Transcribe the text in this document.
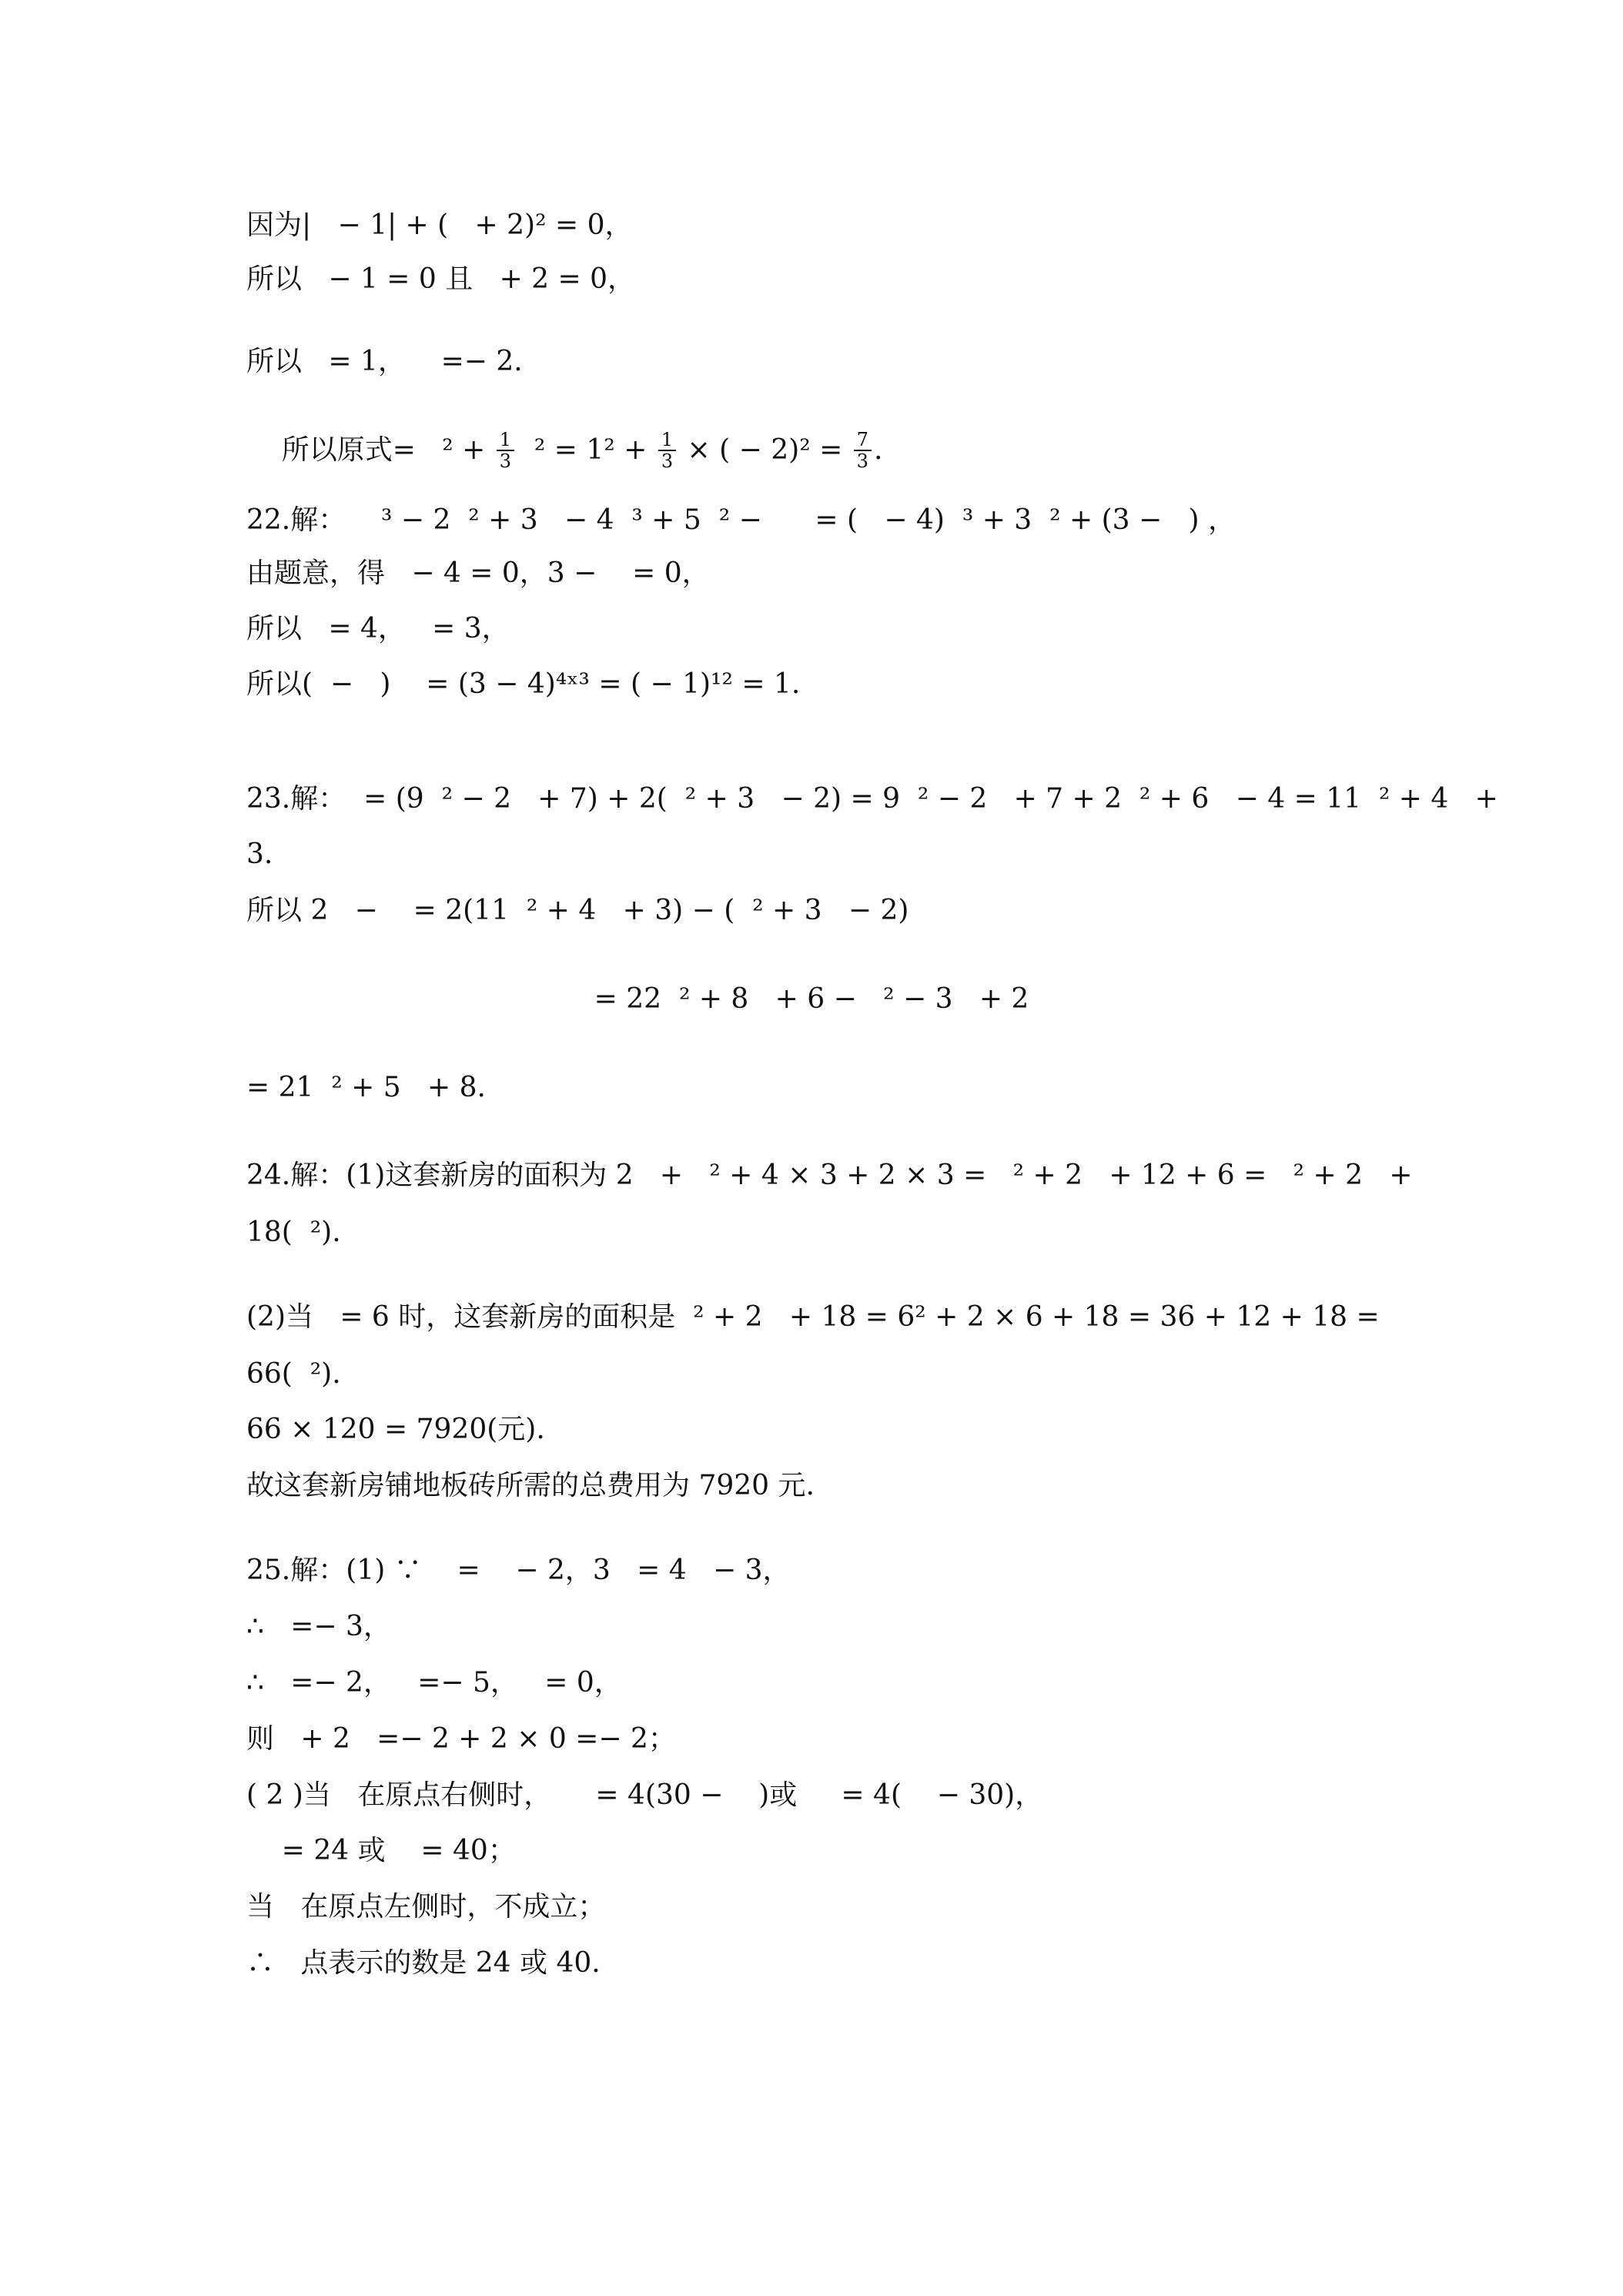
因为|   − 1| + (   + 2)² = 0，
所以   − 1 = 0 且   + 2 = 0，
所以   = 1，    =− 2.

所以原式=   $^2 + \frac{1}{3} ^2 = 1^2 + \frac{1}{3}$ × ( − $2)^2 = \frac{7}{3}$ .

22.解：    ³ − 2  ² + 3   − 4  ³ + 5  ² −      = (   − 4)  ³ + 3  ² + (3 −   ) ，
由题意，得   − 4 = 0，3 −    = 0，
所以   = 4，   = 3，
所以(  −   )    = (3 − 4)⁴ˣ³ = ( − 1)¹² = 1.
23.解：  = (9  ² − 2   + 7) + 2(  ² + 3   − 2) = 9  ² − 2   + 7 + 2  ² + 6   − 4 = 11  ² + 4   +
3.
所以 2   −    = 2(11  ² + 4   + 3) − (  ² + 3   − 2)
= 22  ² + 8   + 6 −   ² − 3   + 2
= 21  ² + 5   + 8.
24.解：(1)这套新房的面积为 2   +   ² + 4 × 3 + 2 × 3 =   ² + 2   + 12 + 6 =   ² + 2   +
18(  ²).
(2)当   = 6 时，这套新房的面积是  ² + 2   + 18 = 6² + 2 × 6 + 18 = 36 + 12 + 18 =
66(  ²).
66 × 120 = 7920(元).
故这套新房铺地板砖所需的总费用为 7920 元.
25.解：(1) ∵    =    − 2，3   = 4   − 3，
∴   =− 3，
∴   =− 2，   =− 5，   = 0，
则   + 2   =− 2 + 2 × 0 =− 2；
( 2 )当   在原点右侧时，     = 4(30 −    )或     = 4(    − 30)，
= 24 或    = 40；
当   在原点左侧时，不成立；
∴   点表示的数是 24 或 40.
